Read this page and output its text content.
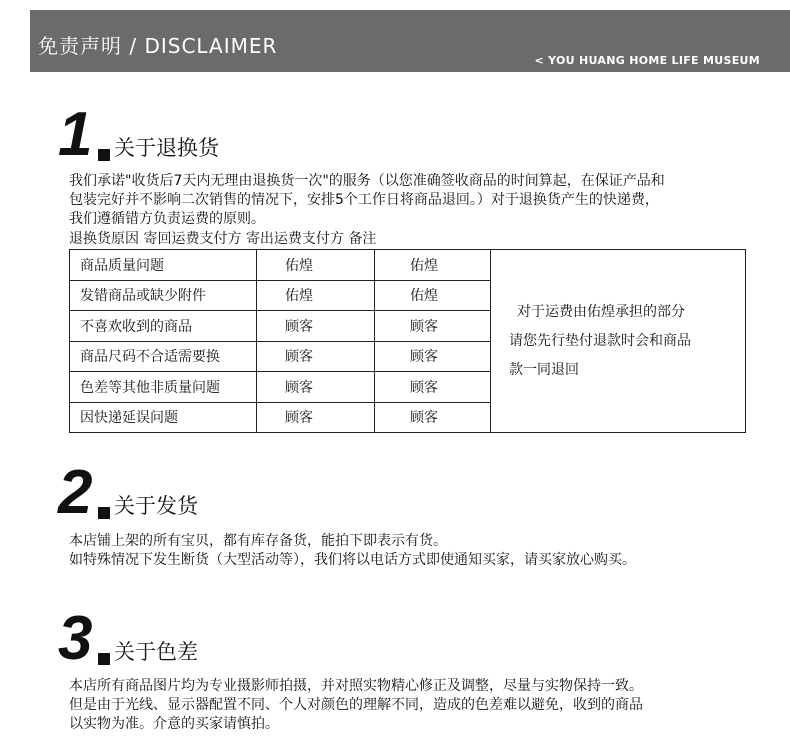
免责声明 / DISCLAIMER
< YOU HUANG HOME LIFE MUSEUM
1 关于退换货
我们承诺"收货后7天内无理由退换货一次"的服务（以您准确签收商品的时间算起，在保证产品和
包装完好并不影响二次销售的情况下，安排5个工作日将商品退回。）对于退换货产生的快递费，
我们遵循错方负责运费的原则。
退换货原因 寄回运费支付方 寄出运费支付方 备注
商品质量问题	佑煌	佑煌	对于运费由佑煌承担的部分
请您先行垫付退款时会和商品
款一同退回

发错商品或缺少附件	佑煌	佑煌	
不喜欢收到的商品	顾客	顾客	
商品尺码不合适需要换	顾客	顾客	
色差等其他非质量问题	顾客	顾客	
因快递延误问题	顾客	顾客	
2 关于发货
本店铺上架的所有宝贝，都有库存备货，能拍下即表示有货。
如特殊情况下发生断货（大型活动等），我们将以电话方式即使通知买家，请买家放心购买。
3 关于色差
本店所有商品图片均为专业摄影师拍摄，并对照实物精心修正及调整，尽量与实物保持一致。
但是由于光线、显示器配置不同、个人对颜色的理解不同，造成的色差难以避免，收到的商品
以实物为准。介意的买家请慎拍。
